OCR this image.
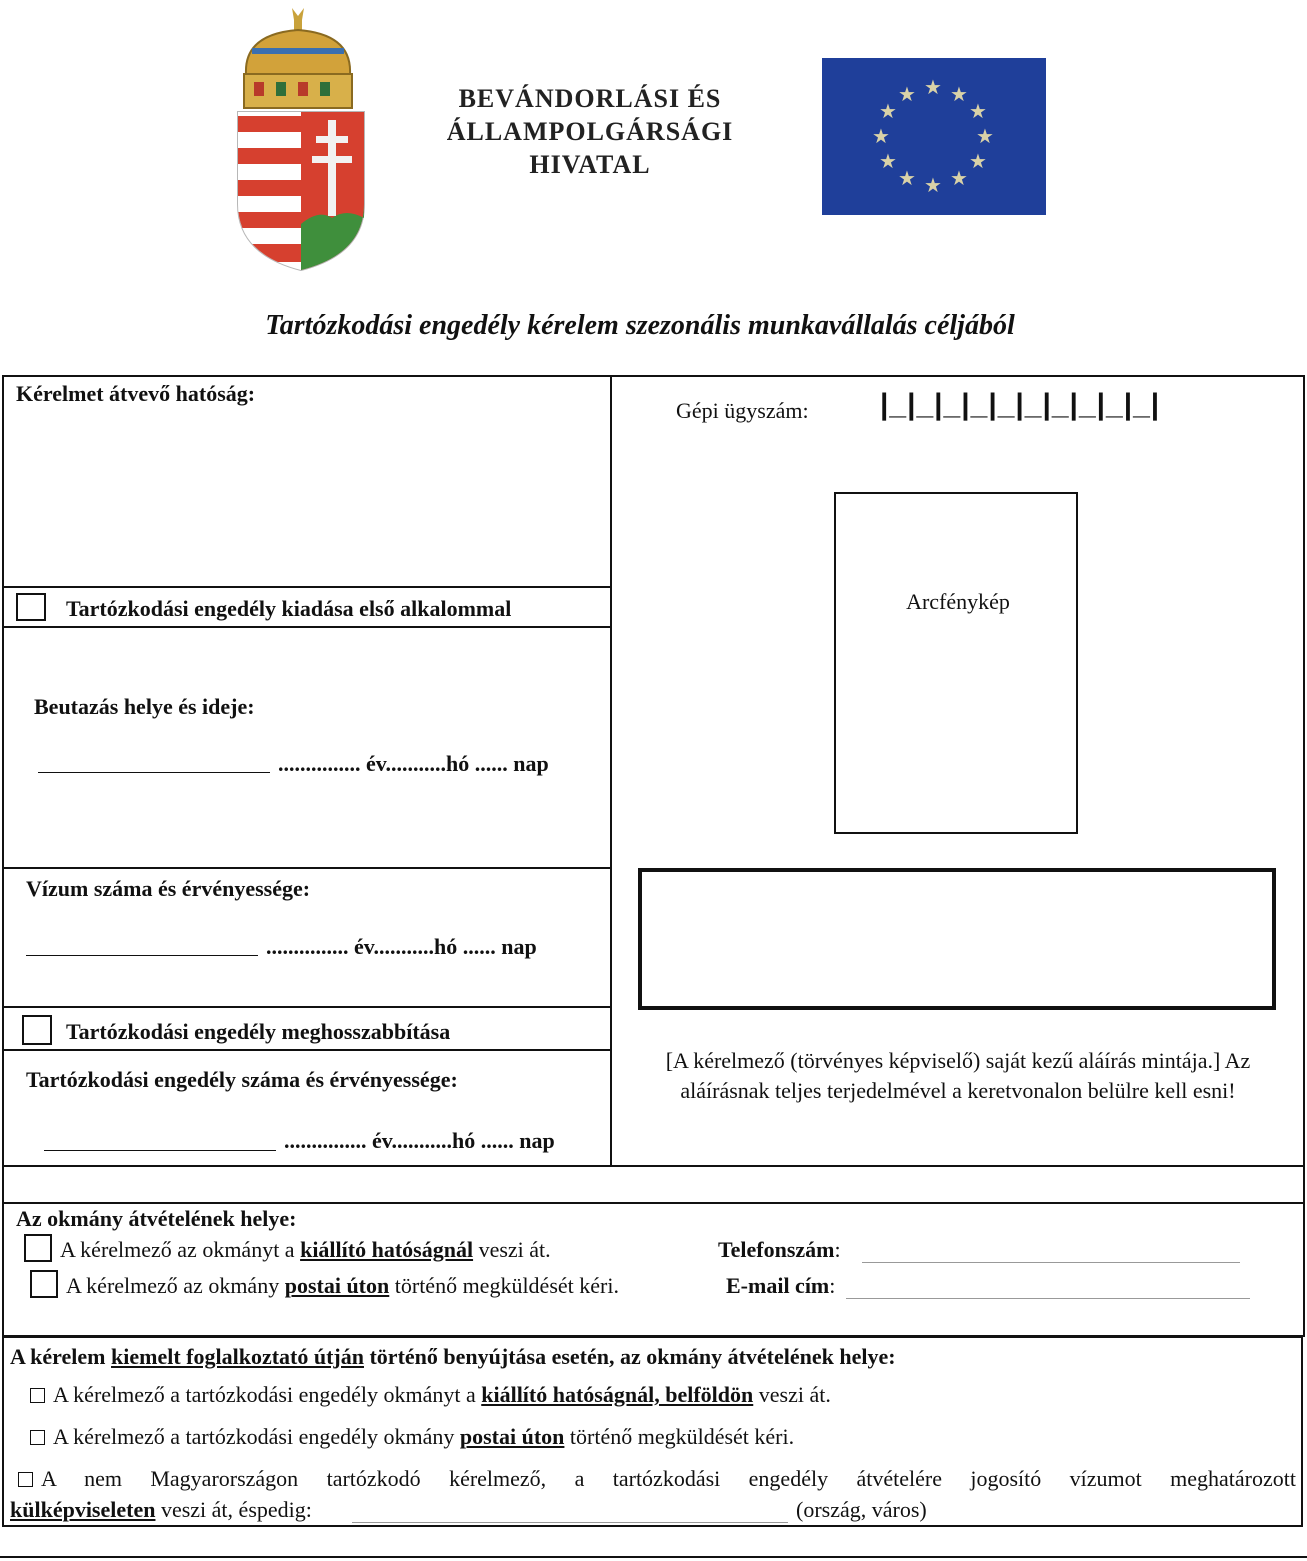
BEVÁNDORLÁSI ÉS
ÁLLAMPOLGÁRSÁGI
HIVATAL
★ ★
★
★
★
★
★
★
★
★
★
★
Tartózkodási engedély kérelem szezonális munkavállalás céljából
Kérelmet átvevő hatóság:
Tartózkodási engedély kiadása első alkalommal
Beutazás helye és ideje:
............... év...........hó ...... nap
Vízum száma és érvényessége:
............... év...........hó ...... nap
Tartózkodási engedély meghosszabbítása
Tartózkodási engedély száma és érvényessége:
............... év...........hó ...... nap
Gépi ügyszám: |_|_|_|_|_|_|_|_|_|_|
Arcfénykép
[A kérelmező (törvényes képviselő) saját kezű aláírás mintája.] Az aláírásnak teljes terjedelmével a keretvonalon belülre kell esni!
Az okmány átvételének helye:
A kérelmező az okmányt a kiállító hatóságnál veszi át.
A kérelmező az okmány postai úton történő megküldését kéri.
Telefonszám:
E-mail cím:
A kérelem kiemelt foglalkoztató útján történő benyújtása esetén, az okmány átvételének helye:
A kérelmező a tartózkodási engedély okmányt a kiállító hatóságnál, belföldön veszi át.
A kérelmező a tartózkodási engedély okmány postai úton történő megküldését kéri.
A nem Magyarországon tartózkodó kérelmező, a tartózkodási engedély átvételére jogosító vízumot meghatározott
külképviseleten veszi át, éspedig:	(ország, város)
